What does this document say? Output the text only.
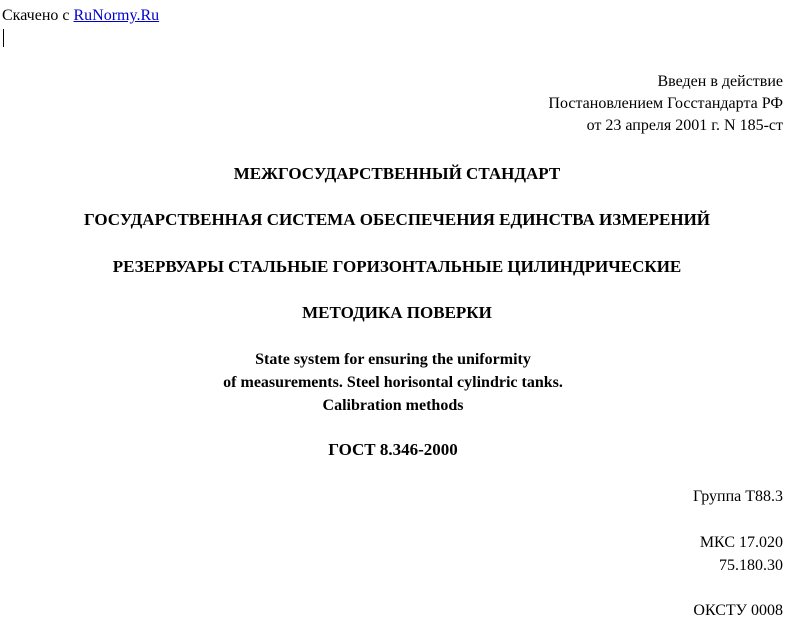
Скачено с RuNormy.Ru
Введен в действие
Постановлением Госстандарта РФ
от 23 апреля 2001 г. N 185-ст
МЕЖГОСУДАРСТВЕННЫЙ СТАНДАРТ
ГОСУДАРСТВЕННАЯ СИСТЕМА ОБЕСПЕЧЕНИЯ ЕДИНСТВА ИЗМЕРЕНИЙ
РЕЗЕРВУАРЫ СТАЛЬНЫЕ ГОРИЗОНТАЛЬНЫЕ ЦИЛИНДРИЧЕСКИЕ
МЕТОДИКА ПОВЕРКИ
State system for ensuring the uniformity
of measurements. Steel horisontal cylindric tanks.
Calibration methods
ГОСТ 8.346-2000
Группа Т88.3
МКС 17.020
75.180.30
ОКСТУ 0008
